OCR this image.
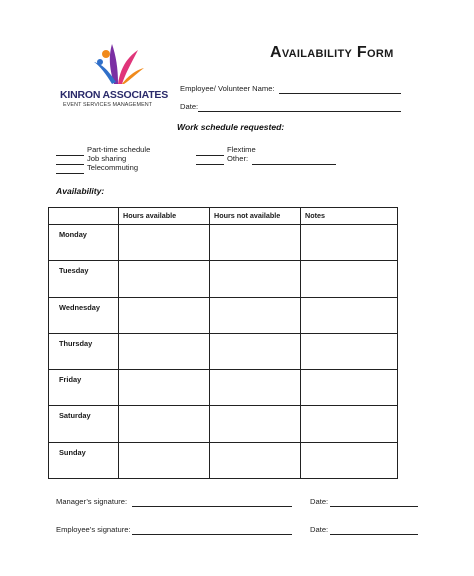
KINRON ASSOCIATES
EVENT SERVICES MANAGEMENT
Availability Form
Employee/ Volunteer Name:
Date:
Work schedule requested:
Part-time schedule
Job sharing
Telecommuting
Flextime
Other:
Availability:
	Hours available	Hours not available	Notes
Monday			
Tuesday			
Wednesday			
Thursday			
Friday			
Saturday			
Sunday			
Manager’s signature:	Date:
Employee’s signature:	Date:
